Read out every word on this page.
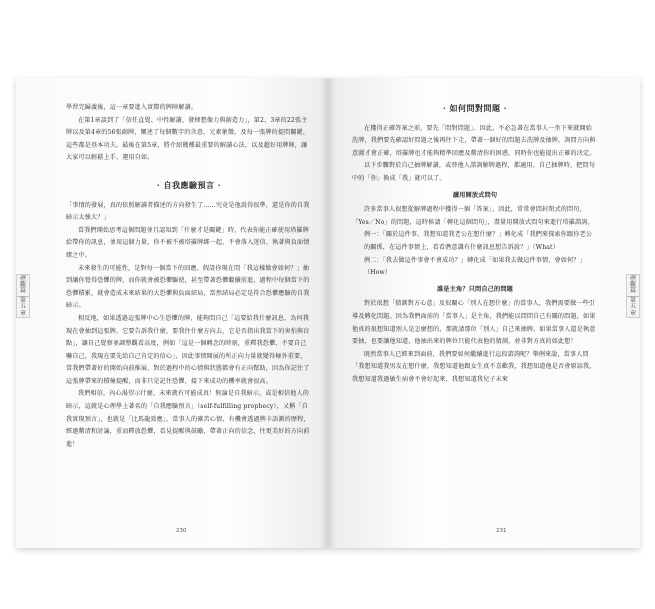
讀
觀
篇
第
五
章

學習完歸義後，這一章要進入實際的牌陣解讀。

在第1章談到了「信任直覺、中性解讀、發揮想像力與創造力」，第2、3章的22張主牌以及第4章的56張副牌，闡述了每個數字的含意、元素象徵，及每一張牌的提問關鍵，這些都是基本功夫。最後在第5章，將介紹幾種最重要的解讀心法，以及超好用牌陣，讓大家可以輕鬆上手、運用自如。

· 自我應驗預言 ·

「事情的發展，真的依照解讀者描述的方向發生了……究竟是他說得很準，還是你的自我暗示太強大？」

當我們開始思考這個問題並且認知到「什麼才是關鍵」時，代表你能正確使用塔羅牌給帶你的訊息，並用這個力量，你不被不被塔羅牌綁一起，不會落入迷信、執著與負面情緒之中。

未來發生的可能性，是對每一個當下的回應。假設你現在問「我這樣做會如何？」抽到讓你覺得恐懼的牌，而你就會被恐懼驅使，甚至帶著恐懼繼續前進，過程中每個當下的恐懼積累，就會造成未來結果的大恐懼與負面結局，當然結局必定是符合恐懼應驗的自我暗示。

相反地，如果透過這張牌中心生恐懼的牌，能夠問自己「這要給我什麼訊息，為何我現在會抽到這張牌，它要告訴我什麼，要我往什麼方向去，它是否指出我當下的害怕與盲點」，讓自己覺察並調整觀看高度，例如「這是一個轉念的時刻，重釋我恐懼，不要自己嚇自己，我現在要先給自己肯定的信心」，因此事情開展的所正向力量就變得極外重要，當我們帶著好的開始向前推展，對於過程中的心情與狀態都會有正向幫助，因為你記住了這張牌帶來的積極提醒，而非只是記住恐懼，接下來成功的機率就會很高。

我們相信，內心渴望示什麼，未來就有可能成真！無論是自我暗示，或是相信他人的暗示，這就是心理學上著名的「自我應驗預言」（self-fulfilling prophecy），又稱「自我實現預言」，也就是「比馬龍效應」，當事人的確苦心情，有機會透過牌卡語測的歷程，經過釐清和討論，重而釋放恐懼，看見提醒與鼓勵，帶著正向的信念，往更美好的方向前進！

230
讀
觀
篇
第
五
章
· 如何問對問題 ·

在獲得正確答案之前，要先「問對問題」。因此，不必急著在當事人一坐下來就開始洗牌，我們要先確認好問題之後再往下走，帶著一個好的問題去洗牌及抽牌，詢問方向與意圖才會正確，塔羅牌也才能夠精準回應及釐清你的困惑，同時你也能提出正確的決定。

以下步驟對於自己抽牌解讀，或替他人諮詢解牌過程，都適用。自己抽牌時，把問句中的「你」換成「我」就可以了。

讀用開放式問句

許多當事人很想從解牌過程中獲得一個「答案」，因此，常常會問封閉式的問句，「Yes／No」的問題，這時候請「轉化這個問句」，盡量用開放式問句來進行塔羅諮詢。

例一：「關於這件事，我想知道我老公在想什麼？」轉化成「我們來探索你跟你老公的關係，在這件事情上，看看潛意識有什麼訊息想告訴說？」（What）

例二：「我去做這件事會不會成功？」轉化成「如果我去做這件事情，會如何？」（How）

誰是主角？只問自己的問題

對於很想「猜測對方心意」及很關心「別人在想什麼」的當事人，我們需要做一些引導及轉化問題。因為我們面前的「當事人」是主角，我們能以問問自己有關的問題，如果他真的很想知道別人是怎麼想的，那就請那位「別人」自己來抽牌，如果當事人還是執意要抽，也要讓他知道，他抽出來的牌位只能代表他的猜測，並非對方真的如此想！

既然當事人已經來到面前，我們要如何繼續進行這段諮詢呢？舉例來說，當事人問「我想知道我男友在想什麼，我想知道他跟女生真不喜歡我，我想知道他是否會原諒我，我想知道我過敏生病會不會好起來，我想知道我兒子未來

231
